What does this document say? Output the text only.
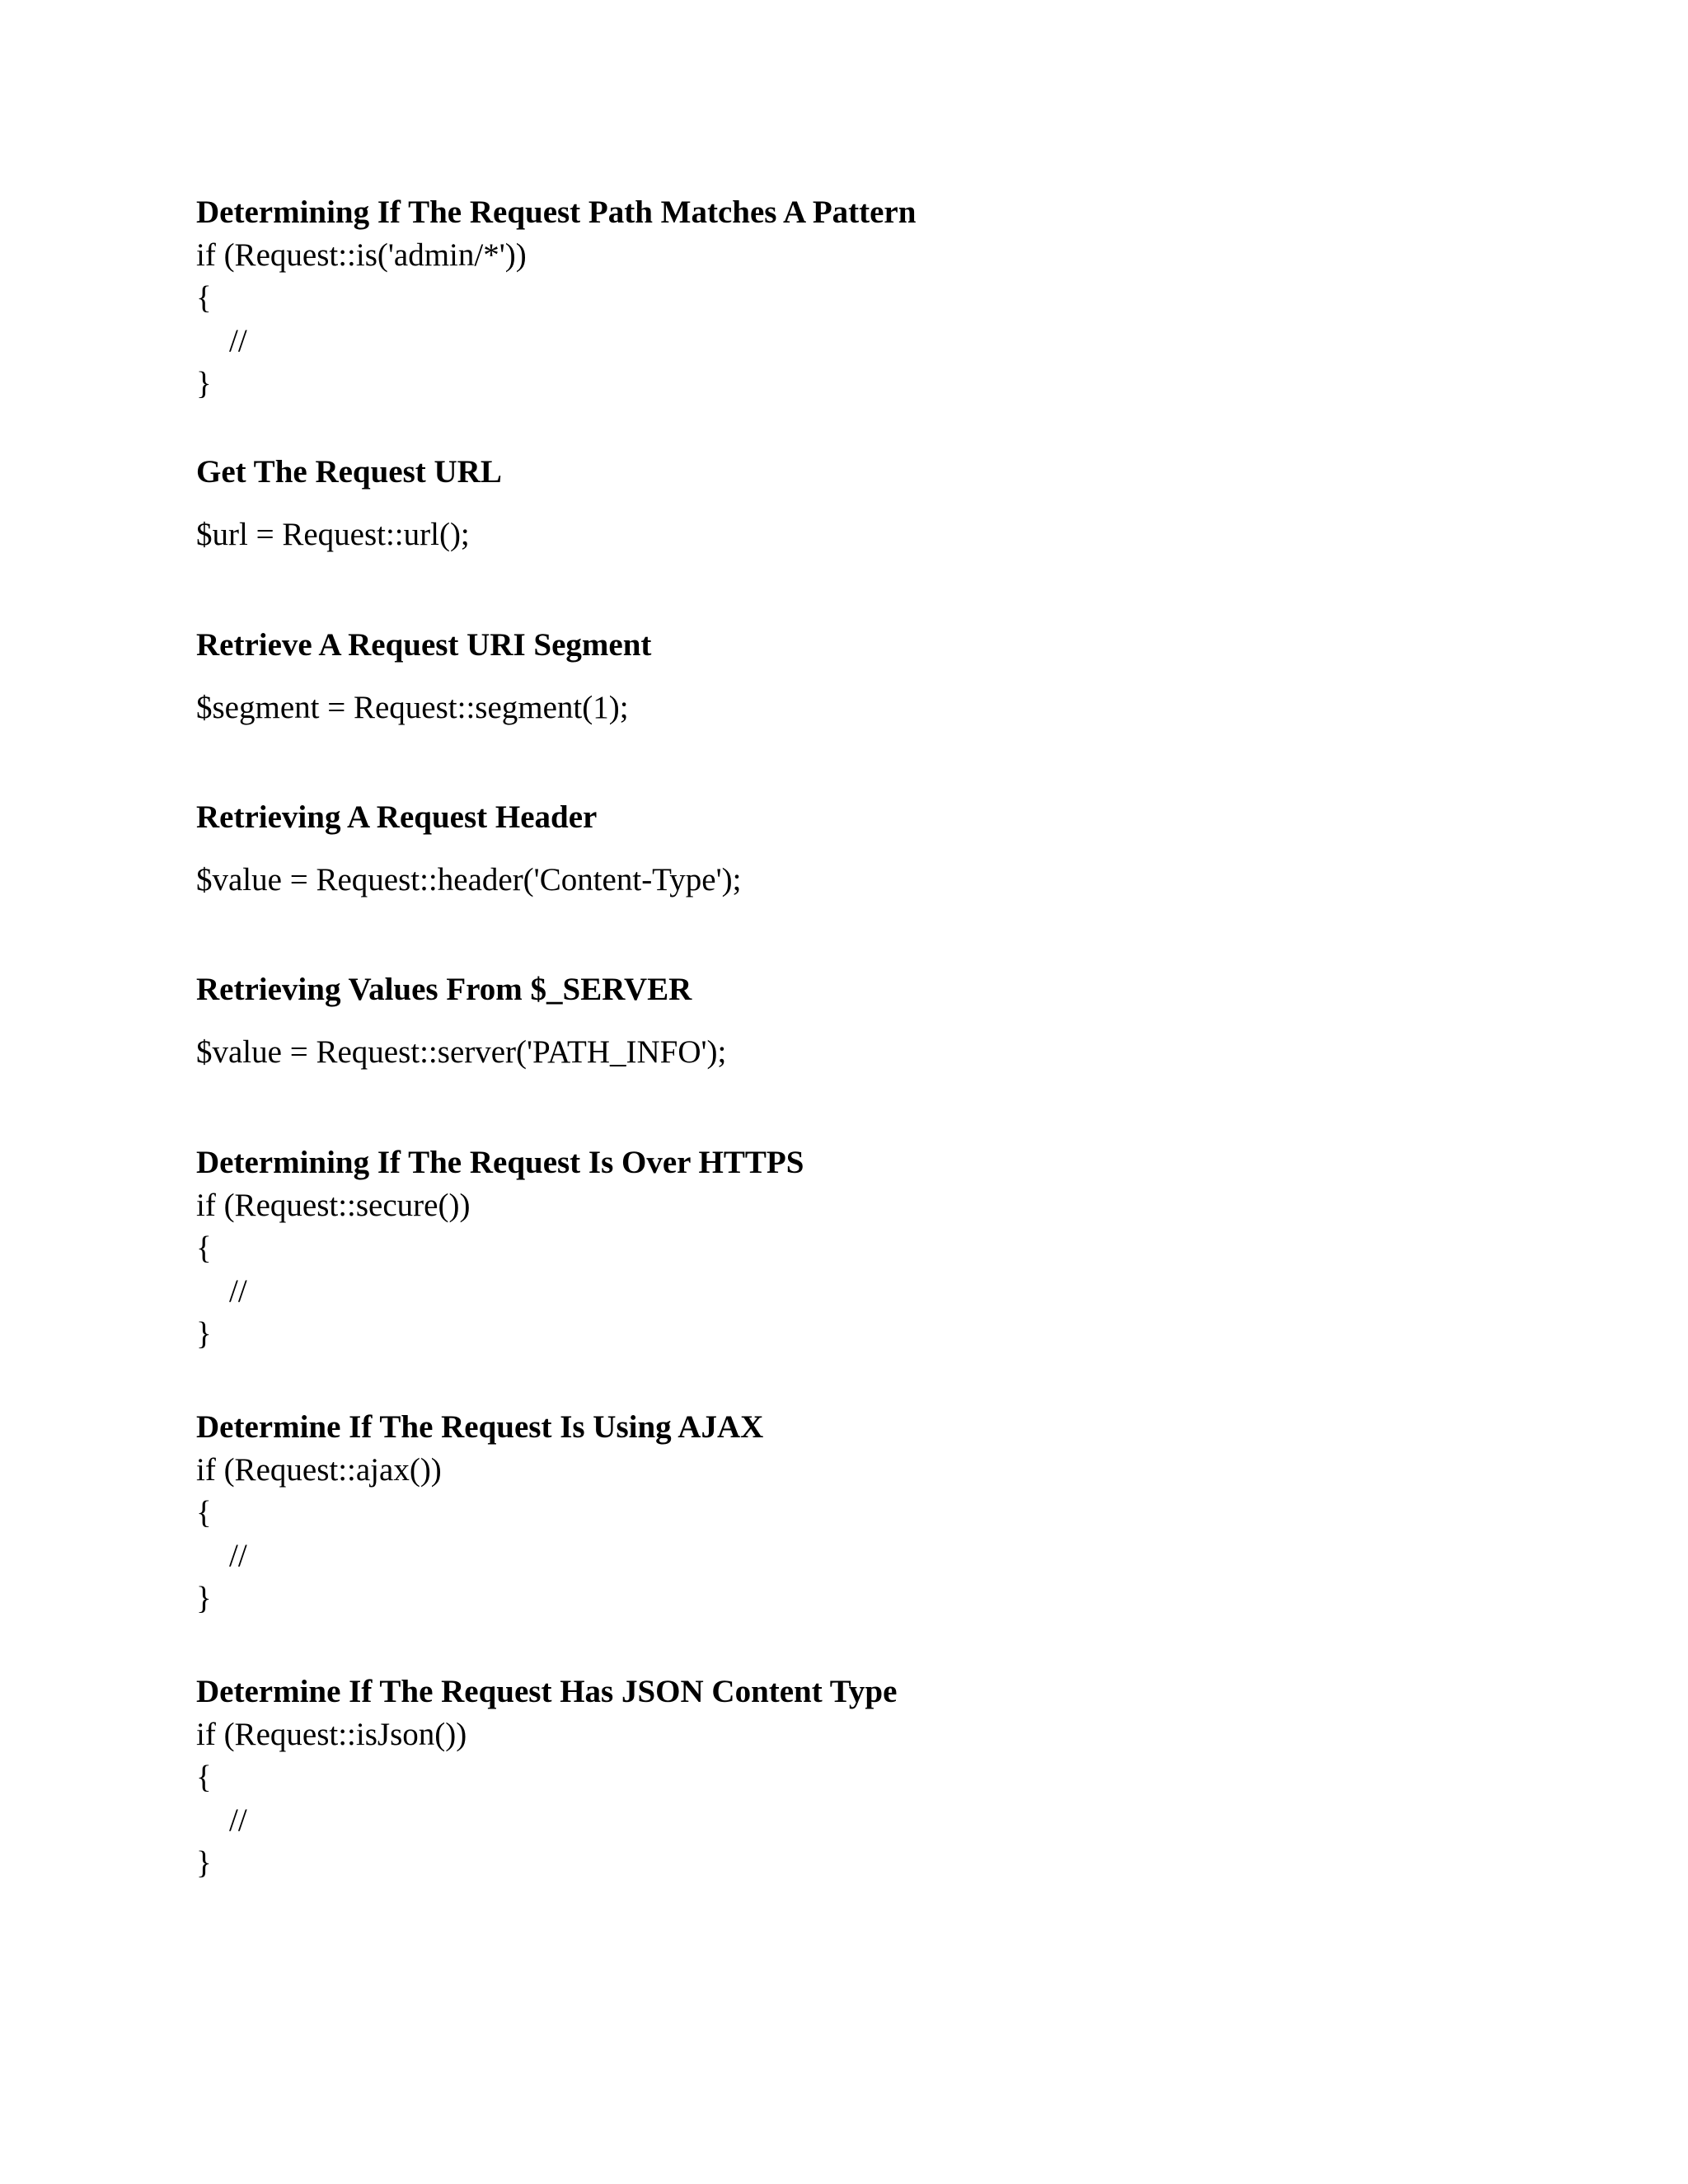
Determining If The Request Path Matches A Pattern

if (Request::is('admin/*'))

{

//

}

Get The Request URL

$url = Request::url();

Retrieve A Request URI Segment

$segment = Request::segment(1);

Retrieving A Request Header

$value = Request::header('Content-Type');

Retrieving Values From $_SERVER

$value = Request::server('PATH_INFO');

Determining If The Request Is Over HTTPS

if (Request::secure())

{

//

}

Determine If The Request Is Using AJAX

if (Request::ajax())

{

//

}

Determine If The Request Has JSON Content Type

if (Request::isJson())

{

//

}
